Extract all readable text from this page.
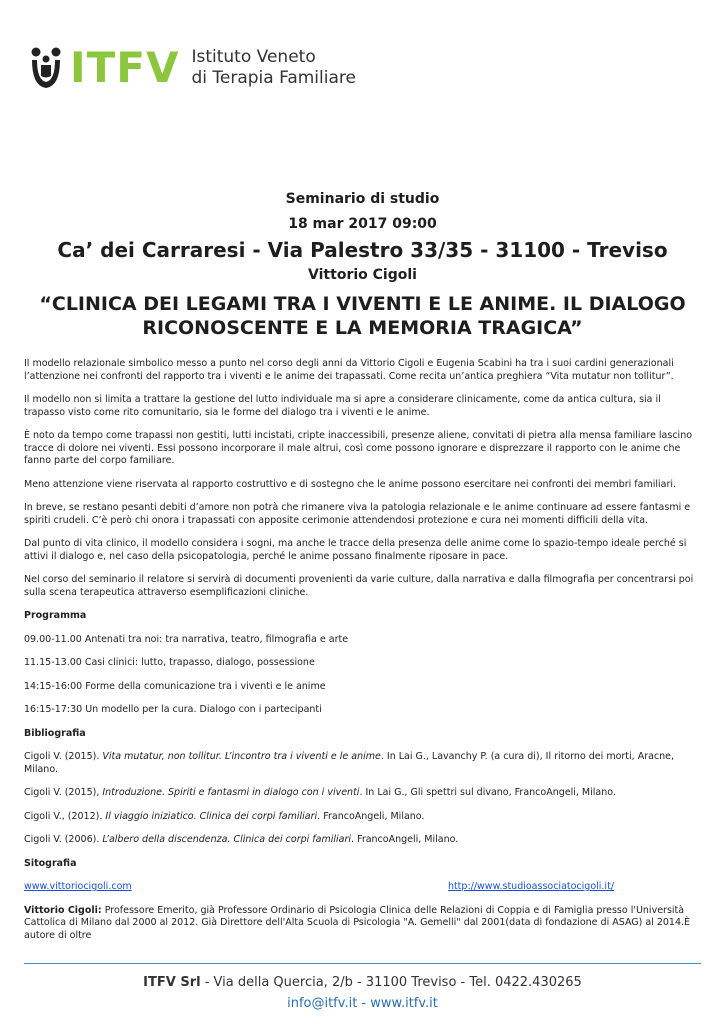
ITFV Istituto Veneto
di Terapia Familiare
Seminario di studio
18 mar 2017 09:00
Ca’ dei Carraresi - Via Palestro 33/35 - 31100 - Treviso
Vittorio Cigoli
“CLINICA DEI LEGAMI TRA I VIVENTI E LE ANIME. IL DIALOGO
RICONOSCENTE E LA MEMORIA TRAGICA”

Il modello relazionale simbolico messo a punto nel corso degli anni da Vittorio Cigoli e Eugenia Scabini ha tra i suoi cardini generazionali l’attenzione nei confronti del rapporto tra i viventi e le anime dei trapassati. Come recita un’antica preghiera “Vita mutatur non tollitur”.

Il modello non si limita a trattare la gestione del lutto individuale ma si apre a considerare clinicamente, come da antica cultura, sia il trapasso visto come rito comunitario, sia le forme del dialogo tra i viventi e le anime.

È noto da tempo come trapassi non gestiti, lutti incistati, cripte inaccessibili, presenze aliene, convitati di pietra alla mensa familiare lascino tracce di dolore nei viventi. Essi possono incorporare il male altrui, così come possono ignorare e disprezzare il rapporto con le anime che fanno parte del corpo familiare.

Meno attenzione viene riservata al rapporto costruttivo e di sostegno che le anime possono esercitare nei confronti dei membri familiari.

In breve, se restano pesanti debiti d’amore non potrà che rimanere viva la patologia relazionale e le anime continuare ad essere fantasmi e spiriti crudeli. C’è però chi onora i trapassati con apposite cerimonie attendendosi protezione e cura nei momenti difficili della vita.

Dal punto di vita clinico, il modello considera i sogni, ma anche le tracce della presenza delle anime come lo spazio-tempo ideale perché si attivi il dialogo e, nel caso della psicopatologia, perché le anime possano finalmente riposare in pace.

Nel corso del seminario il relatore si servirà di documenti provenienti da varie culture, dalla narrativa e dalla filmografia per concentrarsi poi sulla scena terapeutica attraverso esemplificazioni cliniche.

Programma

09.00-11.00 Antenati tra noi: tra narrativa, teatro, filmografia e arte

11.15-13.00 Casi clinici: lutto, trapasso, dialogo, possessione

14:15-16:00 Forme della comunicazione tra i viventi e le anime

16:15-17:30 Un modello per la cura. Dialogo con i partecipanti

Bibliografia

Cigoli V. (2015). Vita mutatur, non tollitur. L’incontro tra i viventi e le anime. In Lai G., Lavanchy P. (a cura di), Il ritorno dei morti, Aracne, Milano.

Cigoli V. (2015), Introduzione. Spiriti e fantasmi in dialogo con i viventi. In Lai G., Gli spettri sul divano, FrancoAngeli, Milano.

Cigoli V., (2012). Il viaggio iniziatico. Clinica dei corpi familiari. FrancoAngeli, Milano.

Cigoli V. (2006). L’albero della discendenza. Clinica dei corpi familiari. FrancoAngeli, Milano.

Sitografia

www.vittoriocigoli.com	http://www.studioassociatocigoli.it/

Vittorio Cigoli: Professore Emerito, già Professore Ordinario di Psicologia Clinica delle Relazioni di Coppia e di Famiglia presso l'Università Cattolica di Milano dal 2000 al 2012. Già Direttore dell'Alta Scuola di Psicologia "A. Gemelli" dal 2001(data di fondazione di ASAG) al 2014.È autore di oltre

ITFV Srl - Via della Quercia, 2/b - 31100 Treviso - Tel. 0422.430265
info@itfv.it - www.itfv.it
